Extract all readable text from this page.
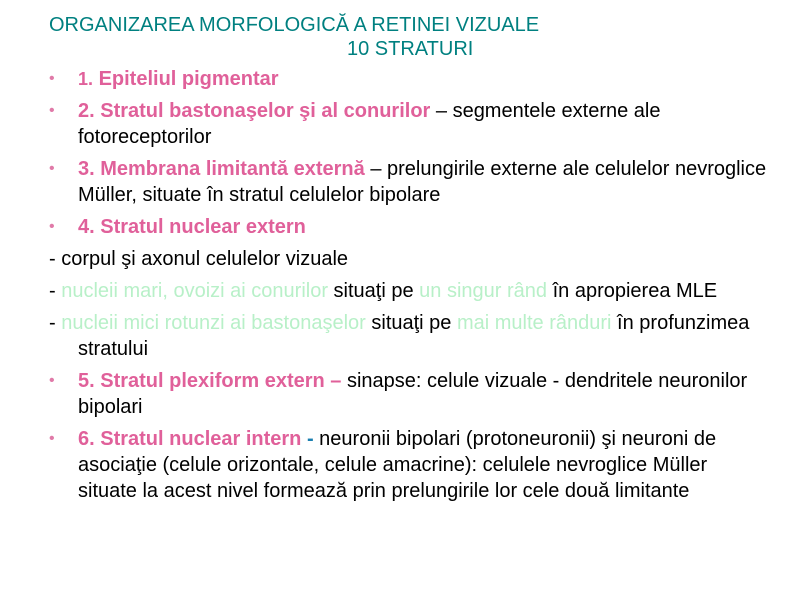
ORGANIZAREA MORFOLOGICĂ A RETINEI VIZUALE
10 STRATURI
• 1. Epiteliul pigmentar
• 2. Stratul bastonaşelor şi al conurilor – segmentele externe ale fotoreceptorilor
• 3. Membrana limitantă externă – prelungirile externe ale celulelor nevroglice Müller, situate în stratul celulelor bipolare
• 4. Stratul nuclear extern
- corpul şi axonul celulelor vizuale
- nucleii mari, ovoizi ai conurilor situaţi pe un singur rând în apropierea MLE
- nucleii mici rotunzi ai bastonaşelor situaţi pe mai multe rânduri în profunzimea stratului
• 5. Stratul plexiform extern – sinapse: celule vizuale - dendritele neuronilor bipolari
• 6. Stratul nuclear intern - neuronii bipolari (protoneuronii) şi neuroni de asociaţie (celule orizontale, celule amacrine): celulele nevroglice Müller situate la acest nivel formează prin prelungirile lor cele două limitante
